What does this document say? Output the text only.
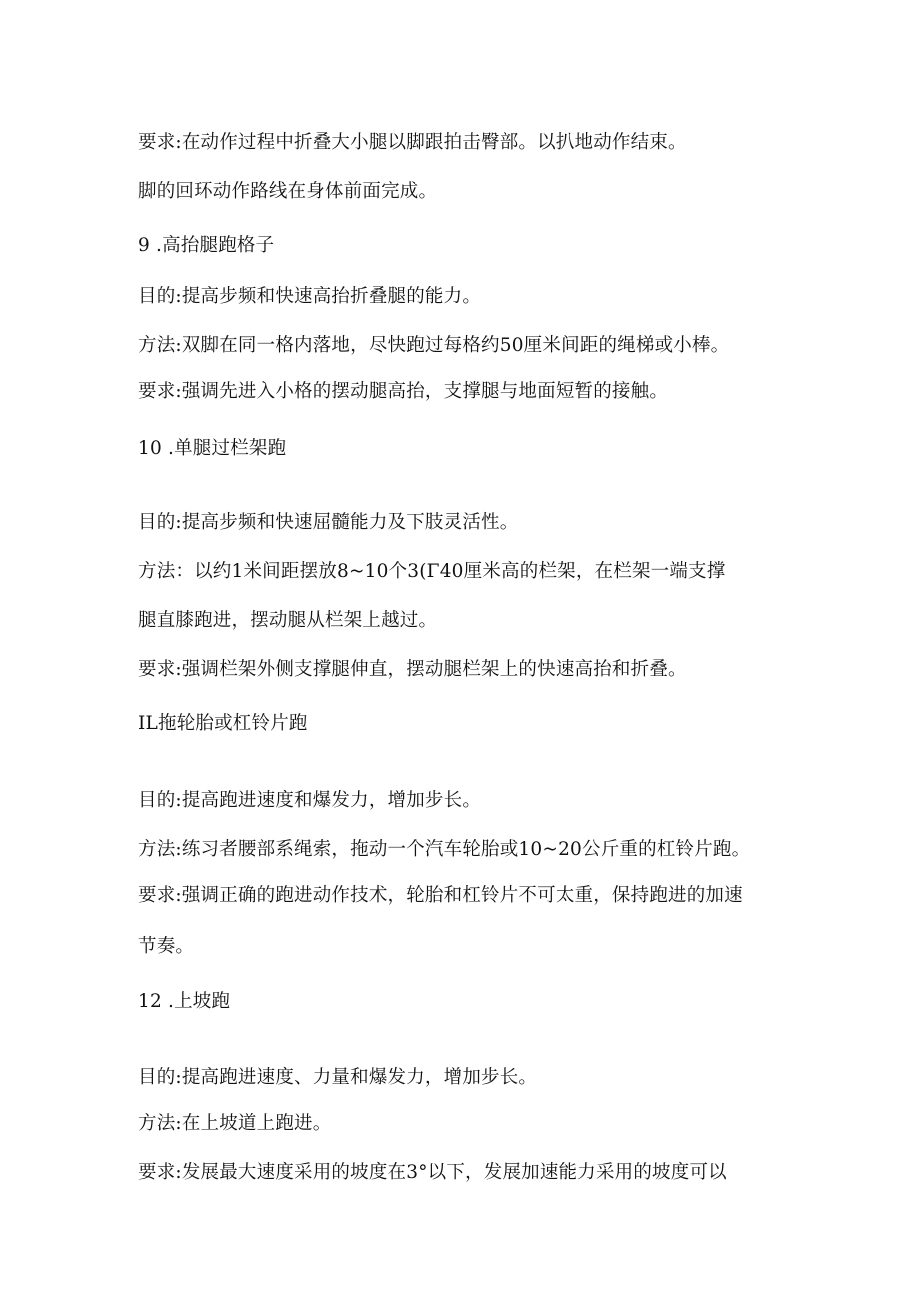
要求:在动作过程中折叠大小腿以脚跟拍击臀部。以扒地动作结束。
脚的回环动作路线在身体前面完成。
9 .高抬腿跑格子
目的:提高步频和快速高抬折叠腿的能力。
方法:双脚在同一格内落地，尽快跑过每格约50厘米间距的绳梯或小棒。
要求:强调先进入小格的摆动腿高抬，支撑腿与地面短暂的接触。
10 .单腿过栏架跑
目的:提高步频和快速屈髓能力及下肢灵活性。
方法：以约1米间距摆放8~10个3(Γ40厘米高的栏架，在栏架一端支撑
腿直膝跑进，摆动腿从栏架上越过。
要求:强调栏架外侧支撑腿伸直，摆动腿栏架上的快速高抬和折叠。
IL拖轮胎或杠铃片跑
目的:提高跑进速度和爆发力，增加步长。
方法:练习者腰部系绳索，拖动一个汽车轮胎或10~20公斤重的杠铃片跑。
要求:强调正确的跑进动作技术，轮胎和杠铃片不可太重，保持跑进的加速
节奏。
12 .上坡跑
目的:提高跑进速度、力量和爆发力，增加步长。
方法:在上坡道上跑进。
要求:发展最大速度采用的坡度在3°以下，发展加速能力采用的坡度可以
